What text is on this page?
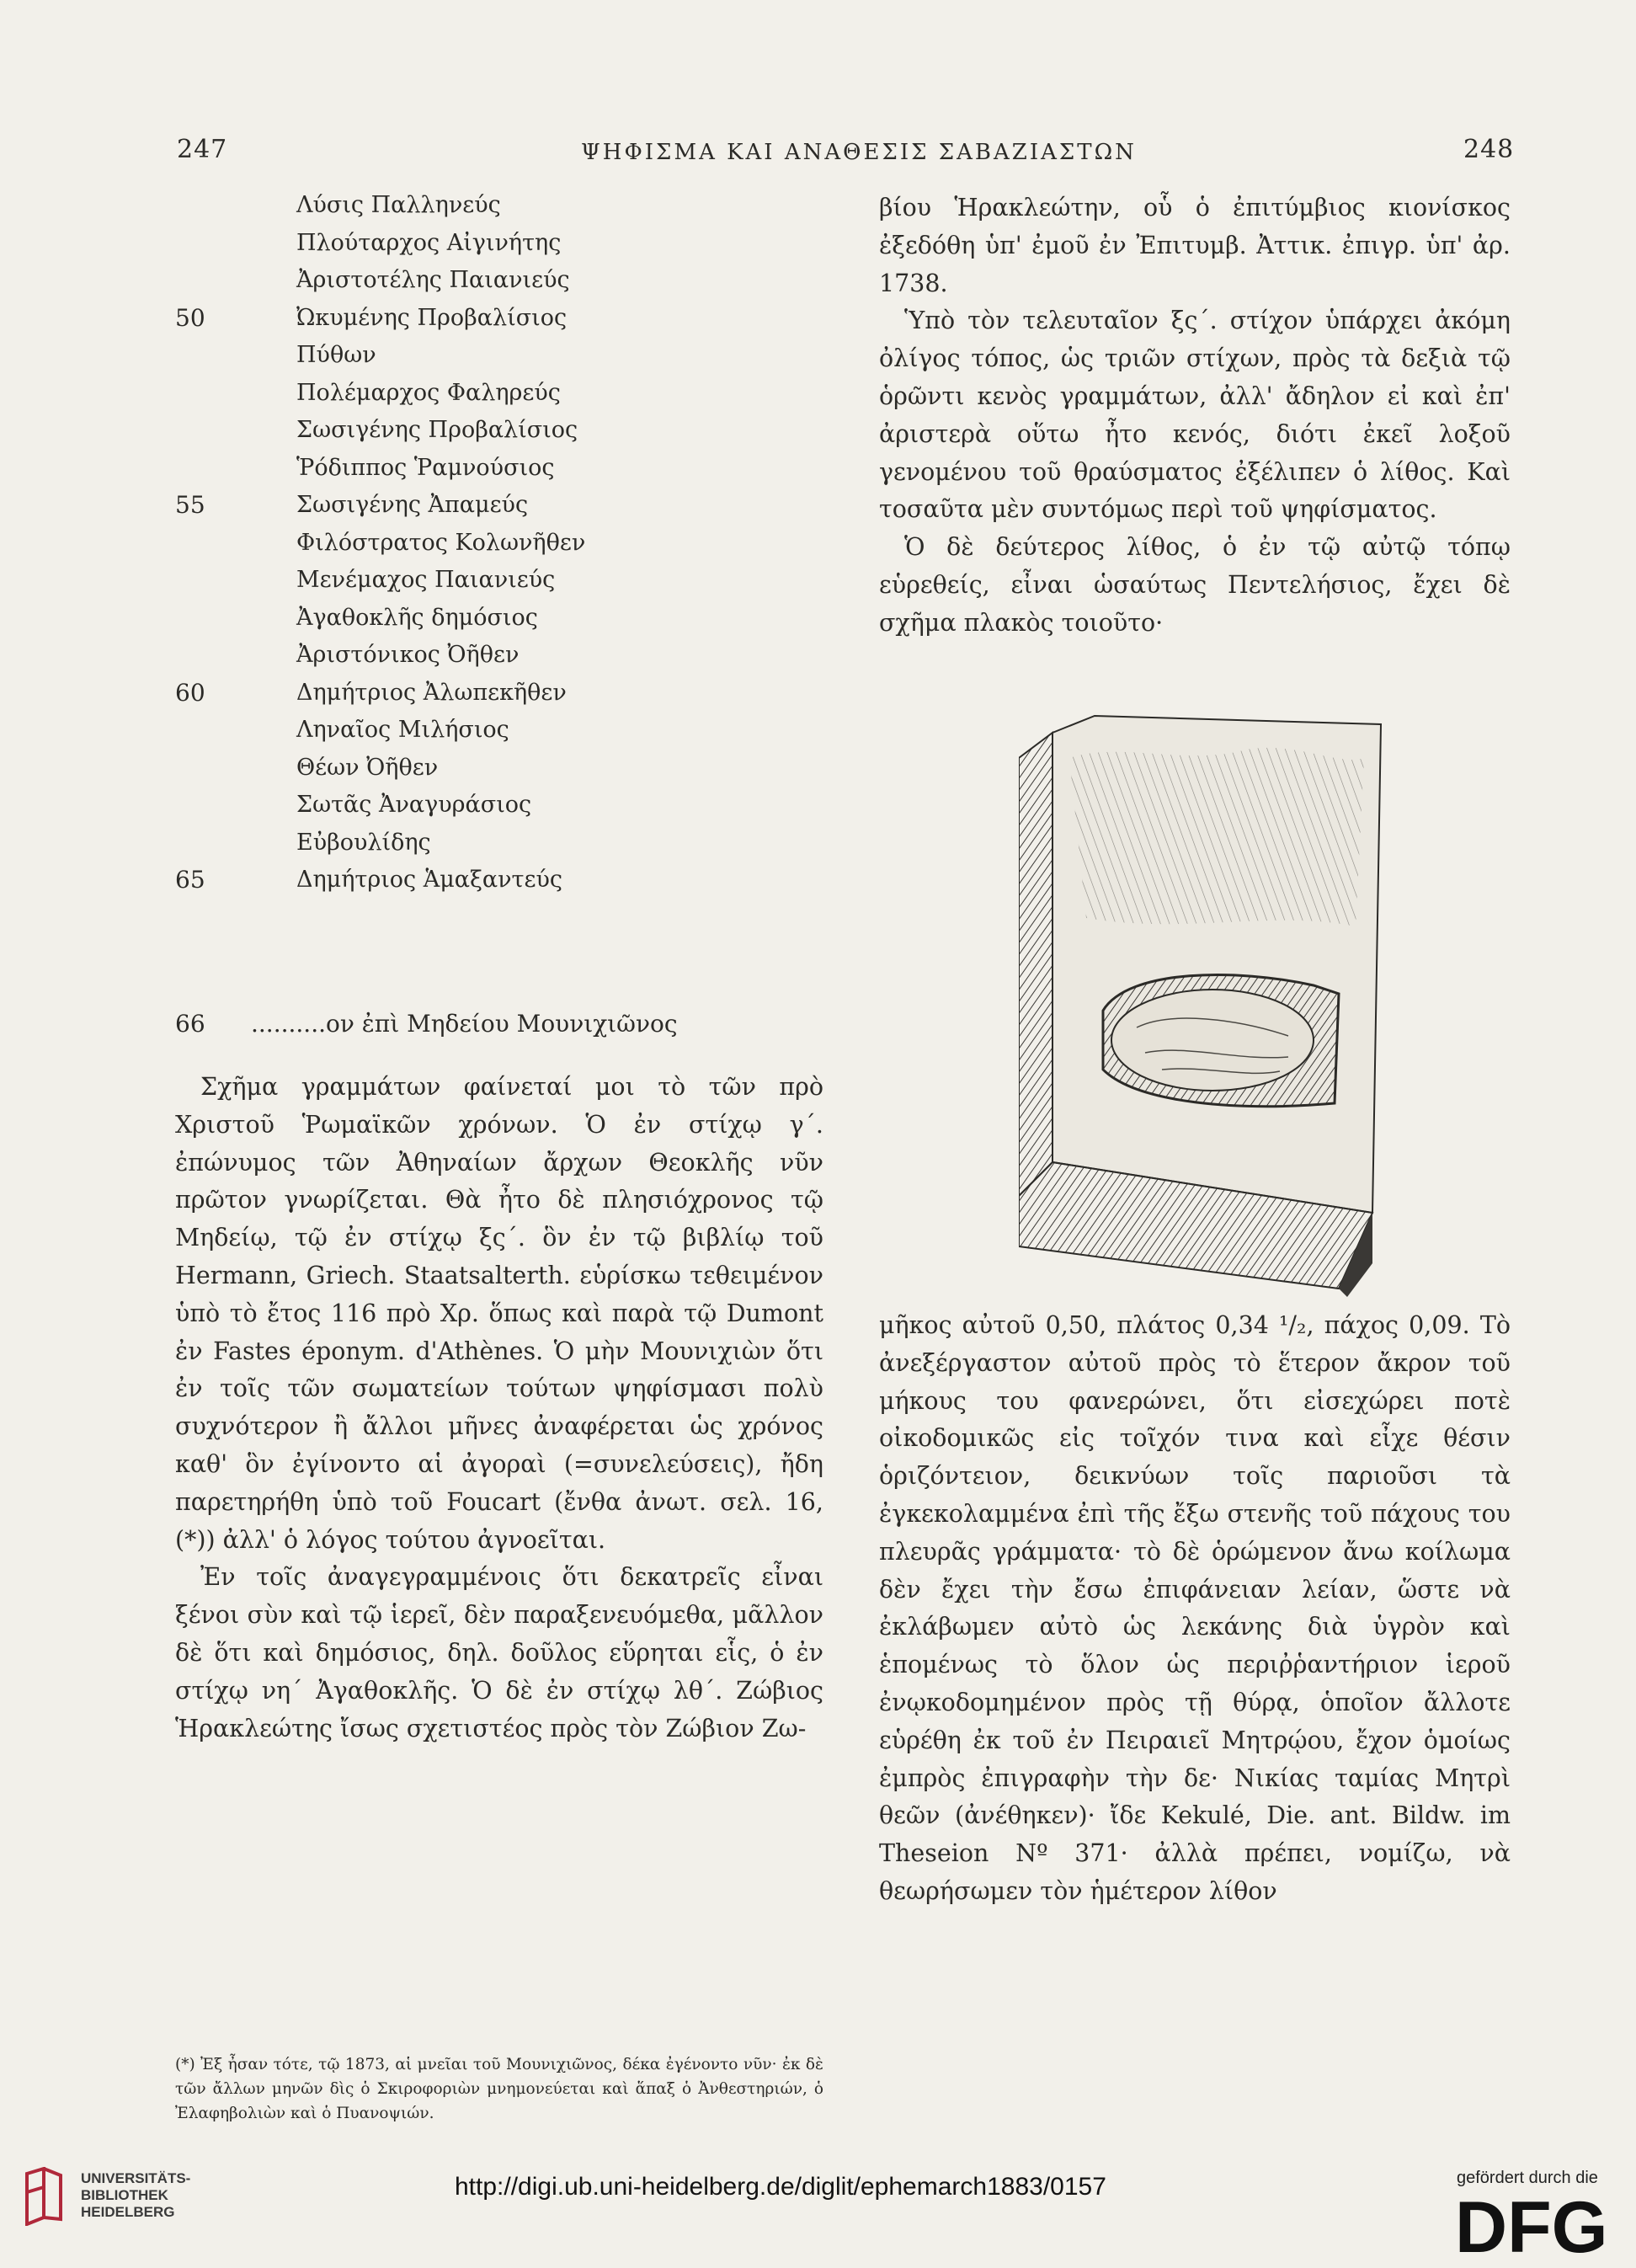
247	ΨΗΦΙΣΜΑ ΚΑΙ ΑΝΑΘΕΣΙΣ ΣΑΒΑΖΙΑΣΤΩΝ	248
Λύσις Παλληνεύς
Πλούταρχος Αἰγινήτης
Ἀριστοτέλης Παιανιεύς
50	Ὠκυμένης Προβαλίσιος
Πύθων
Πολέμαρχος Φαληρεύς
Σωσιγένης Προβαλίσιος
Ῥόδιππος Ῥαμνούσιος
55	Σωσιγένης Ἀπαμεύς
Φιλόστρατος Κολωνῆθεν
Μενέμαχος Παιανιεύς
Ἀγαθοκλῆς δημόσιος
Ἀριστόνικος Ὀῆθεν
60	Δημήτριος Ἀλωπεκῆθεν
Ληναῖος Μιλήσιος
Θέων Ὀῆθεν
Σωτᾶς Ἀναγυράσιος
Εὐβουλίδης
65	Δημήτριος Ἁμαξαντεύς
66 ..........ον ἐπὶ Μηδείου Μουνιχιῶνος

Σχῆμα γραμμάτων φαίνεταί μοι τὸ τῶν πρὸ Χριστοῦ Ῥωμαϊκῶν χρόνων. Ὁ ἐν στίχῳ γ΄. ἐπώνυμος τῶν Ἀθηναίων ἄρχων Θεοκλῆς νῦν πρῶτον γνωρίζεται. Θὰ ἦτο δὲ πλησιόχρονος τῷ Μηδείῳ, τῷ ἐν στίχῳ ξς΄. ὃν ἐν τῷ βιβλίῳ τοῦ Hermann, Griech. Staatsalterth. εὑρίσκω τεθειμένον ὑπὸ τὸ ἔτος 116 πρὸ Χρ. ὅπως καὶ παρὰ τῷ Dumont ἐν Fastes éponym. d'Athènes. Ὁ μὴν Μουνιχιὼν ὅτι ἐν τοῖς τῶν σωματείων τούτων ψηφίσμασι πολὺ συχνότερον ἢ ἄλλοι μῆνες ἀναφέρεται ὡς χρόνος καθ' ὃν ἐγίνοντο αἱ ἀγοραὶ (=συνελεύσεις), ἤδη παρετηρήθη ὑπὸ τοῦ Foucart (ἔνθα ἀνωτ. σελ. 16, (*)) ἀλλ' ὁ λόγος τούτου ἀγνοεῖται.

Ἐν τοῖς ἀναγεγραμμένοις ὅτι δεκατρεῖς εἶναι ξένοι σὺν καὶ τῷ ἱερεῖ, δὲν παραξενευόμεθα, μᾶλλον δὲ ὅτι καὶ δημόσιος, δηλ. δοῦλος εὕρηται εἷς, ὁ ἐν στίχῳ νη΄ Ἀγαθοκλῆς. Ὁ δὲ ἐν στίχῳ λθ΄. Ζώβιος Ἡρακλεώτης ἴσως σχετιστέος πρὸς τὸν Ζώβιον Ζω-

(*) Ἐξ ἦσαν τότε, τῷ 1873, αἱ μνεῖαι τοῦ Μουνιχιῶνος, δέκα ἐγένοντο νῦν· ἐκ δὲ τῶν ἄλλων μηνῶν δὶς ὁ Σκιροφοριὼν μνημονεύεται καὶ ἅπαξ ὁ Ἀνθεστηριών, ὁ Ἐλαφηβολιὼν καὶ ὁ Πυανοψιών.

βίου Ἡρακλεώτην, οὗ ὁ ἐπιτύμβιος κιονίσκος ἐξεδόθη ὑπ' ἐμοῦ ἐν Ἐπιτυμβ. Ἀττικ. ἐπιγρ. ὑπ' ἀρ. 1738.

Ὑπὸ τὸν τελευταῖον ξς΄. στίχον ὑπάρχει ἀκόμη ὀλίγος τόπος, ὡς τριῶν στίχων, πρὸς τὰ δεξιὰ τῷ ὁρῶντι κενὸς γραμμάτων, ἀλλ' ἄδηλον εἰ καὶ ἐπ' ἀριστερὰ οὕτω ἦτο κενός, διότι ἐκεῖ λοξοῦ γενομένου τοῦ θραύσματος ἐξέλιπεν ὁ λίθος. Καὶ τοσαῦτα μὲν συντόμως περὶ τοῦ ψηφίσματος.

Ὁ δὲ δεύτερος λίθος, ὁ ἐν τῷ αὐτῷ τόπῳ εὑρεθείς, εἶναι ὡσαύτως Πεντελήσιος, ἔχει δὲ σχῆμα πλακὸς τοιοῦτο·

μῆκος αὐτοῦ 0,50, πλάτος 0,34 ¹/₂, πάχος 0,09. Τὸ ἀνεξέργαστον αὐτοῦ πρὸς τὸ ἕτερον ἄκρον τοῦ μήκους του φανερώνει, ὅτι εἰσεχώρει ποτὲ οἰκοδομικῶς εἰς τοῖχόν τινα καὶ εἶχε θέσιν ὁριζόντειον, δεικνύων τοῖς παριοῦσι τὰ ἐγκεκολαμμένα ἐπὶ τῆς ἔξω στενῆς τοῦ πάχους του πλευρᾶς γράμματα· τὸ δὲ ὁρώμενον ἄνω κοίλωμα δὲν ἔχει τὴν ἔσω ἐπιφάνειαν λείαν, ὥστε νὰ ἐκλάβωμεν αὐτὸ ὡς λεκάνης διὰ ὑγρὸν καὶ ἑπομένως τὸ ὅλον ὡς περιῤῥαντήριον ἱεροῦ ἐνῳκοδομημένον πρὸς τῇ θύρᾳ, ὁποῖον ἄλλοτε εὑρέθη ἐκ τοῦ ἐν Πειραιεῖ Μητρῴου, ἔχον ὁμοίως ἐμπρὸς ἐπιγραφὴν τὴν δε· Νικίας ταμίας Μητρὶ θεῶν (ἀνέθηκεν)· ἴδε Kekulé, Die. ant. Bildw. im Theseion Nº 371· ἀλλὰ πρέπει, νομίζω, νὰ θεωρήσωμεν τὸν ἡμέτερον λίθον

UNIVERSITÄTS-
BIBLIOTHEK
HEIDELBERG
http://digi.ub.uni-heidelberg.de/diglit/ephemarch1883/0157	gefördert durch die
DFG
